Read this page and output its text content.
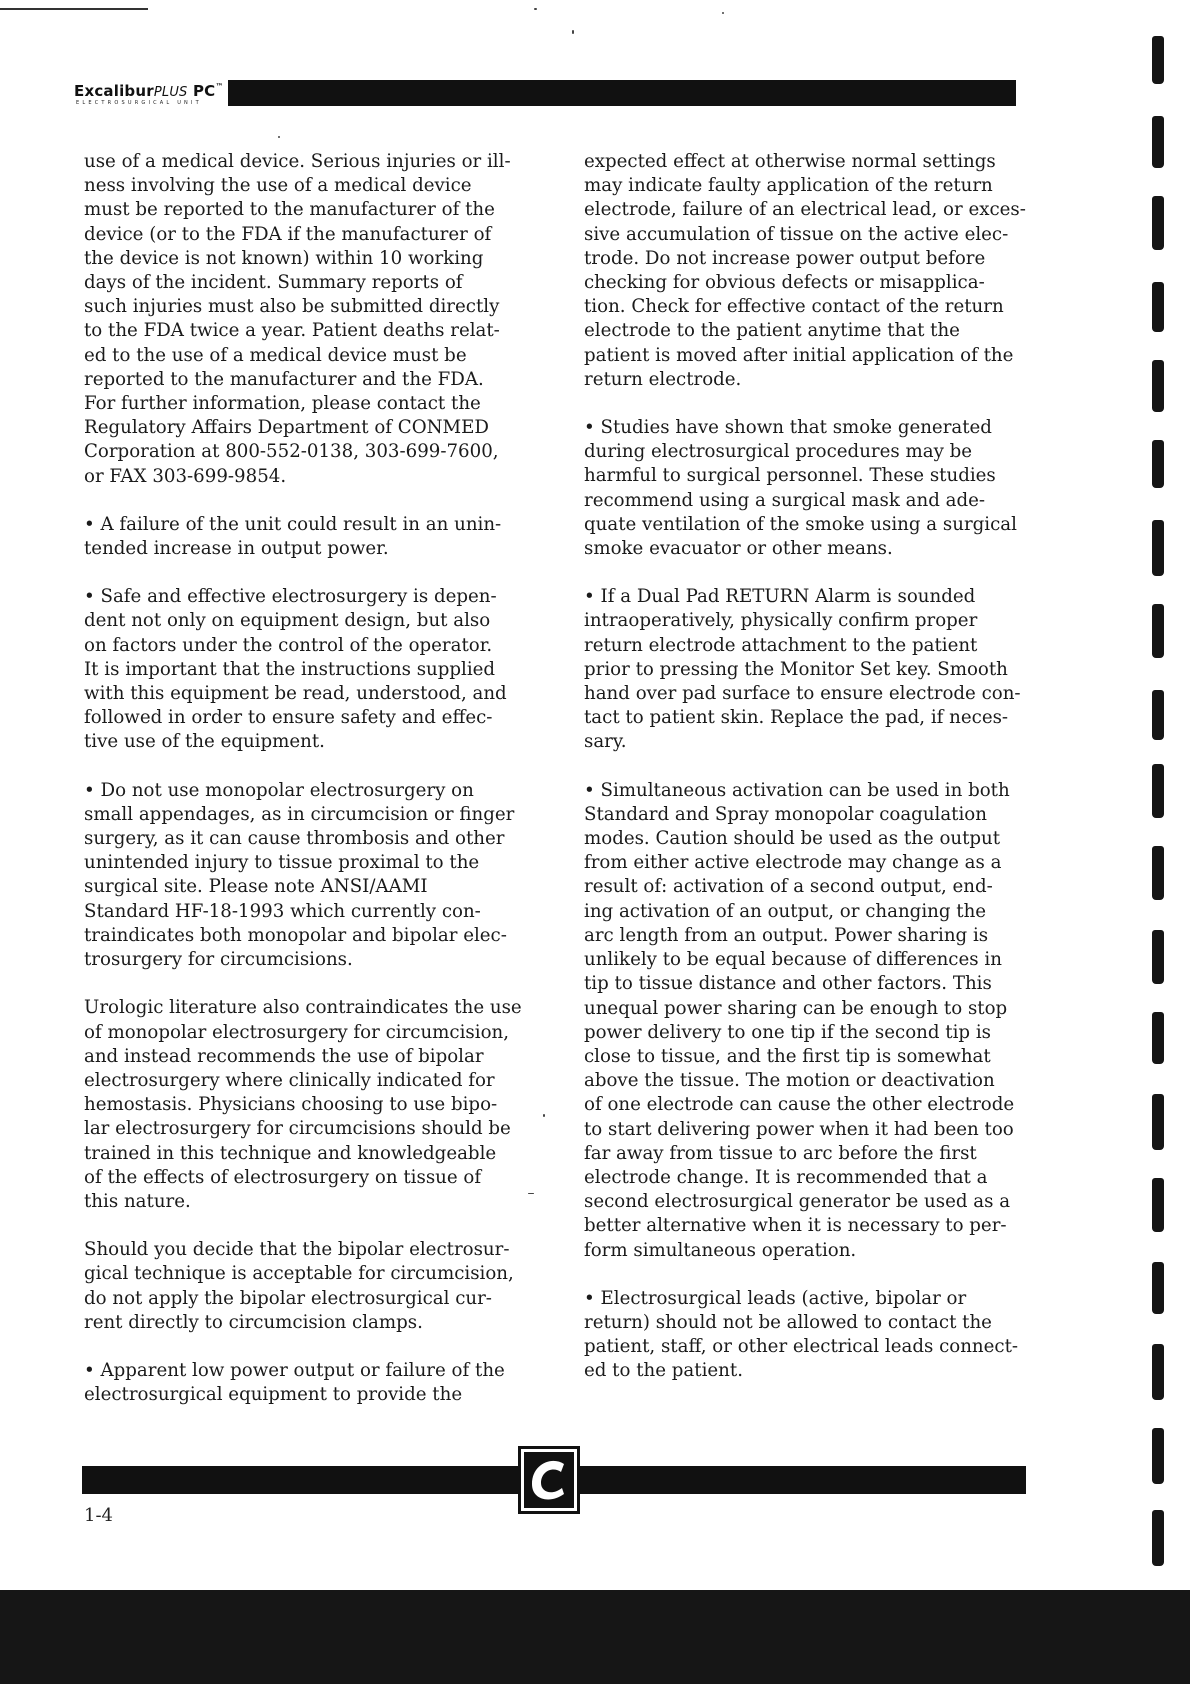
ExcaliburPLUS PC™
ELECTROSURGICAL UNIT
use of a medical device. Serious injuries or ill-
ness involving the use of a medical device
must be reported to the manufacturer of the
device (or to the FDA if the manufacturer of
the device is not known) within 10 working
days of the incident. Summary reports of
such injuries must also be submitted directly
to the FDA twice a year. Patient deaths relat-
ed to the use of a medical device must be
reported to the manufacturer and the FDA.
For further information, please contact the
Regulatory Affairs Department of CONMED
Corporation at 800-552-0138, 303-699-7600,
or FAX 303-699-9854.
• A failure of the unit could result in an unin-
tended increase in output power.
• Safe and effective electrosurgery is depen-
dent not only on equipment design, but also
on factors under the control of the operator.
It is important that the instructions supplied
with this equipment be read, understood, and
followed in order to ensure safety and effec-
tive use of the equipment.
• Do not use monopolar electrosurgery on
small appendages, as in circumcision or finger
surgery, as it can cause thrombosis and other
unintended injury to tissue proximal to the
surgical site. Please note ANSI/AAMI
Standard HF-18-1993 which currently con-
traindicates both monopolar and bipolar elec-
trosurgery for circumcisions.
Urologic literature also contraindicates the use
of monopolar electrosurgery for circumcision,
and instead recommends the use of bipolar
electrosurgery where clinically indicated for
hemostasis. Physicians choosing to use bipo-
lar electrosurgery for circumcisions should be
trained in this technique and knowledgeable
of the effects of electrosurgery on tissue of
this nature.
Should you decide that the bipolar electrosur-
gical technique is acceptable for circumcision,
do not apply the bipolar electrosurgical cur-
rent directly to circumcision clamps.
• Apparent low power output or failure of the
electrosurgical equipment to provide the
expected effect at otherwise normal settings
may indicate faulty application of the return
electrode, failure of an electrical lead, or exces-
sive accumulation of tissue on the active elec-
trode. Do not increase power output before
checking for obvious defects or misapplica-
tion. Check for effective contact of the return
electrode to the patient anytime that the
patient is moved after initial application of the
return electrode.
• Studies have shown that smoke generated
during electrosurgical procedures may be
harmful to surgical personnel. These studies
recommend using a surgical mask and ade-
quate ventilation of the smoke using a surgical
smoke evacuator or other means.
• If a Dual Pad RETURN Alarm is sounded
intraoperatively, physically confirm proper
return electrode attachment to the patient
prior to pressing the Monitor Set key. Smooth
hand over pad surface to ensure electrode con-
tact to patient skin. Replace the pad, if neces-
sary.
• Simultaneous activation can be used in both
Standard and Spray monopolar coagulation
modes. Caution should be used as the output
from either active electrode may change as a
result of: activation of a second output, end-
ing activation of an output, or changing the
arc length from an output. Power sharing is
unlikely to be equal because of differences in
tip to tissue distance and other factors. This
unequal power sharing can be enough to stop
power delivery to one tip if the second tip is
close to tissue, and the first tip is somewhat
above the tissue. The motion or deactivation
of one electrode can cause the other electrode
to start delivering power when it had been too
far away from tissue to arc before the first
electrode change. It is recommended that a
second electrosurgical generator be used as a
better alternative when it is necessary to per-
form simultaneous operation.
• Electrosurgical leads (active, bipolar or
return) should not be allowed to contact the
patient, staff, or other electrical leads connect-
ed to the patient.
1-4
